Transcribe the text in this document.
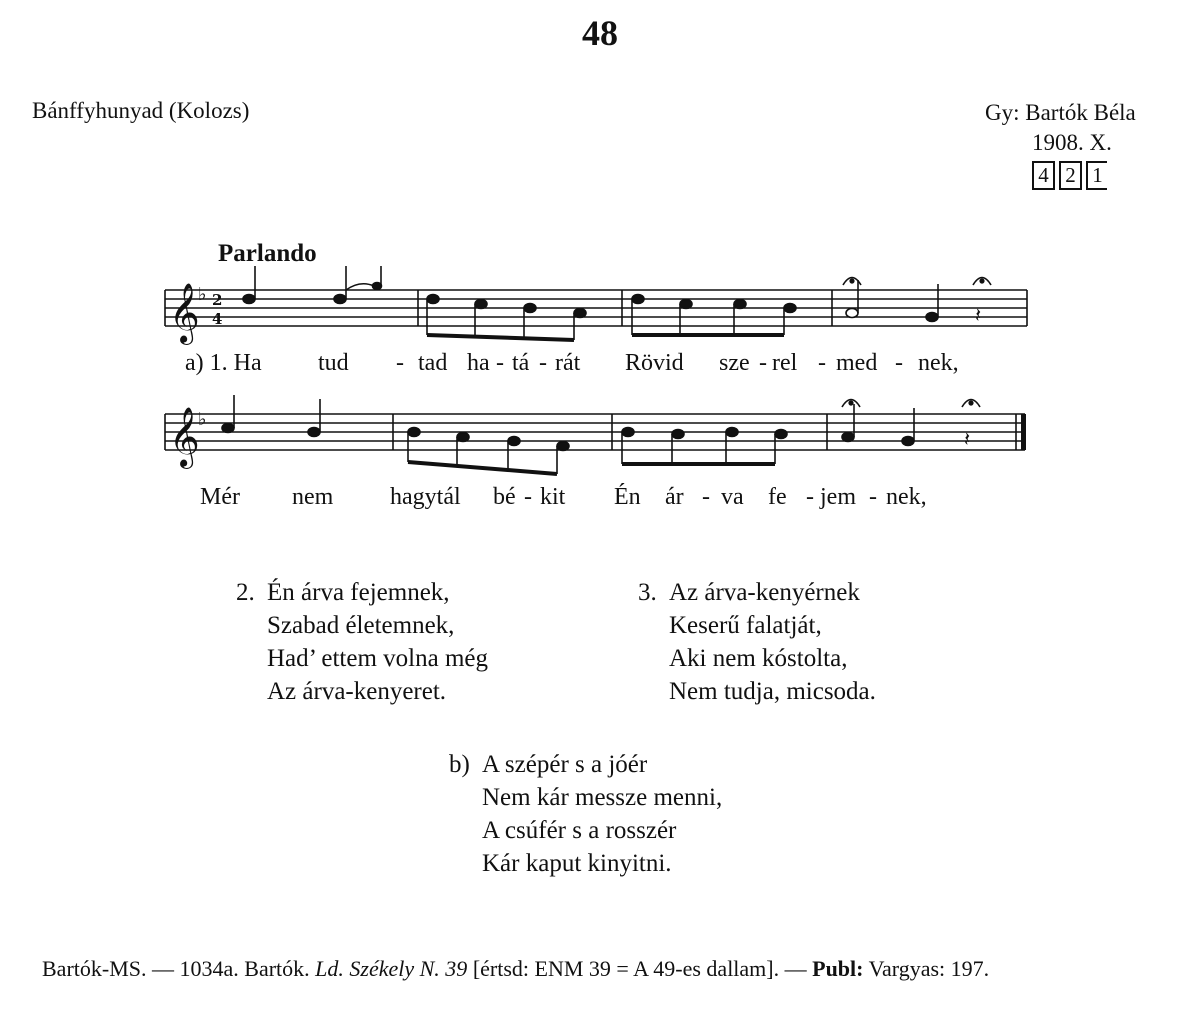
48
Bánffyhunyad (Kolozs)	Gy: Bartók Béla
1908. X.
4 2 1
Parlando
𝄞
𝄞
♭
♭
2
4	𝄽
𝄽
a) 1. Ha tud - tad ha - tá - rát Rövid sze - rel - med - nek,
Mér nem hagytál bé - kit Én ár - va fe - jem - nek,
2. Én árva fejemnek,
Szabad életemnek,
Had’ ettem volna még
Az árva-kenyeret.
3. Az árva-kenyérnek
Keserű falatját,
Aki nem kóstolta,
Nem tudja, micsoda.
b) A szépér s a jóér
Nem kár messze menni,
A csúfér s a rosszér
Kár kaput kinyitni.
Bartók-MS. — 1034a. Bartók. Ld. Székely N. 39 [értsd: ENM 39 = A 49-es dallam]. — Publ: Vargyas: 197.
